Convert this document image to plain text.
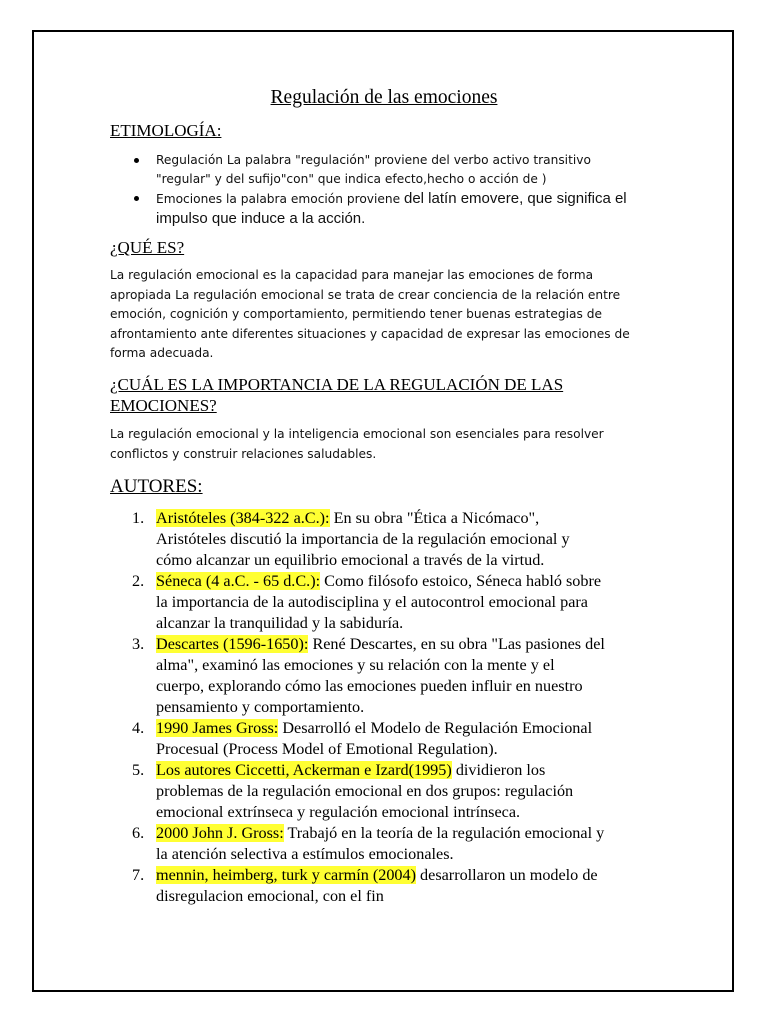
Regulación de las emociones
ETIMOLOGÍA:
Regulación La palabra "regulación" proviene del verbo activo transitivo
"regular" y del sufijo"con" que indica efecto,hecho o acción de )
Emociones la palabra emoción proviene del latín emovere, que significa el
impulso que induce a la acción.
¿QUÉ ES?

La regulación emocional es la capacidad para manejar las emociones de forma
apropiada La regulación emocional se trata de crear conciencia de la relación entre
emoción, cognición y comportamiento, permitiendo tener buenas estrategias de
afrontamiento ante diferentes situaciones y capacidad de expresar las emociones de
forma adecuada.

¿CUÁL ES LA IMPORTANCIA DE LA REGULACIÓN DE LAS
EMOCIONES?

La regulación emocional y la inteligencia emocional son esenciales para resolver
conflictos y construir relaciones saludables.

AUTORES:
1. Aristóteles (384-322 a.C.): En su obra "Ética a Nicómaco",
Aristóteles discutió la importancia de la regulación emocional y
cómo alcanzar un equilibrio emocional a través de la virtud.
2. Séneca (4 a.C. - 65 d.C.): Como filósofo estoico, Séneca habló sobre
la importancia de la autodisciplina y el autocontrol emocional para
alcanzar la tranquilidad y la sabiduría.
3. Descartes (1596-1650): René Descartes, en su obra "Las pasiones del
alma", examinó las emociones y su relación con la mente y el
cuerpo, explorando cómo las emociones pueden influir en nuestro
pensamiento y comportamiento.
4. 1990 James Gross: Desarrolló el Modelo de Regulación Emocional
Procesual (Process Model of Emotional Regulation).
5. Los autores Ciccetti, Ackerman e Izard(1995) dividieron los
problemas de la regulación emocional en dos grupos: regulación
emocional extrínseca y regulación emocional intrínseca.
6. 2000 John J. Gross: Trabajó en la teoría de la regulación emocional y
la atención selectiva a estímulos emocionales.
7. mennin, heimberg, turk y carmín (2004) desarrollaron un modelo de
disregulacion emocional, con el fin
